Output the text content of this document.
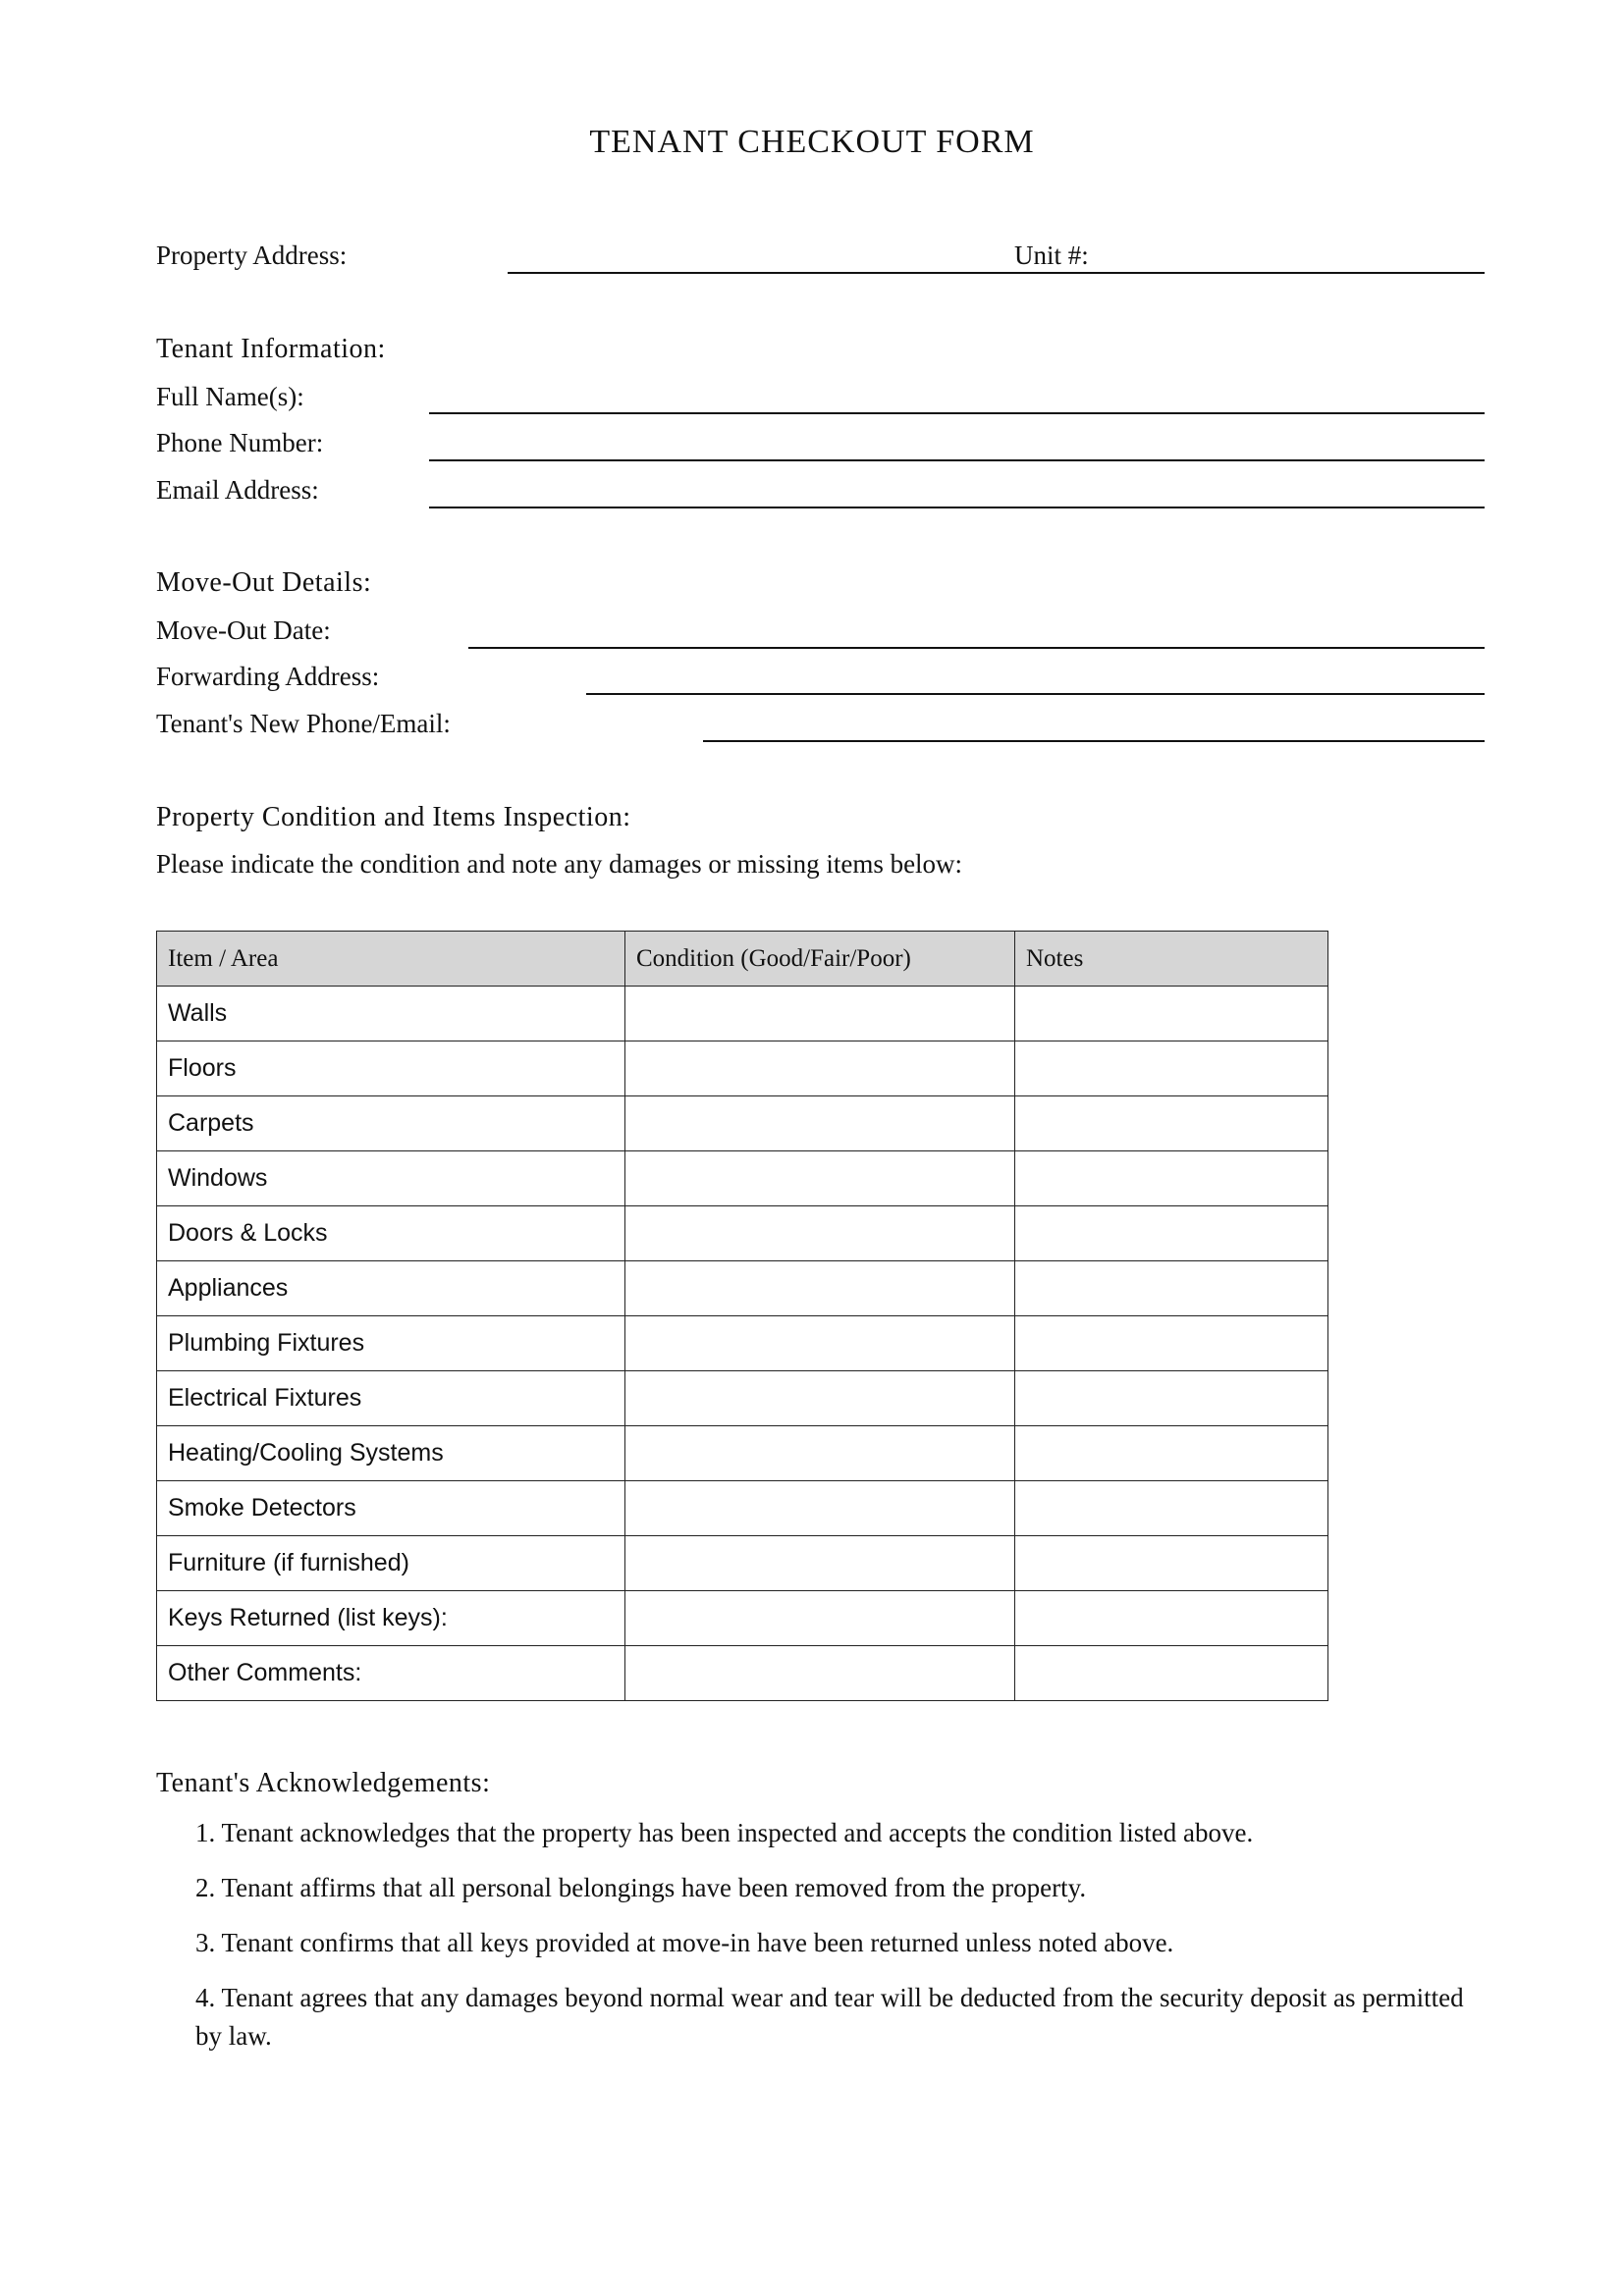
TENANT CHECKOUT FORM
Property Address:	Unit #:
Tenant Information:
Full Name(s):
Phone Number:
Email Address:
Move-Out Details:
Move-Out Date:
Forwarding Address:
Tenant's New Phone/Email:
Property Condition and Items Inspection:
Please indicate the condition and note any damages or missing items below:
Item / Area	Condition (Good/Fair/Poor)	Notes
Walls		
Floors		
Carpets		
Windows		
Doors & Locks		
Appliances		
Plumbing Fixtures		
Electrical Fixtures		
Heating/Cooling Systems		
Smoke Detectors		
Furniture (if furnished)		
Keys Returned (list keys):		
Other Comments:		
Tenant's Acknowledgements:
1. Tenant acknowledges that the property has been inspected and accepts the condition listed above.
2. Tenant affirms that all personal belongings have been removed from the property.
3. Tenant confirms that all keys provided at move-in have been returned unless noted above.
4. Tenant agrees that any damages beyond normal wear and tear will be deducted from the security deposit as permitted by law.
